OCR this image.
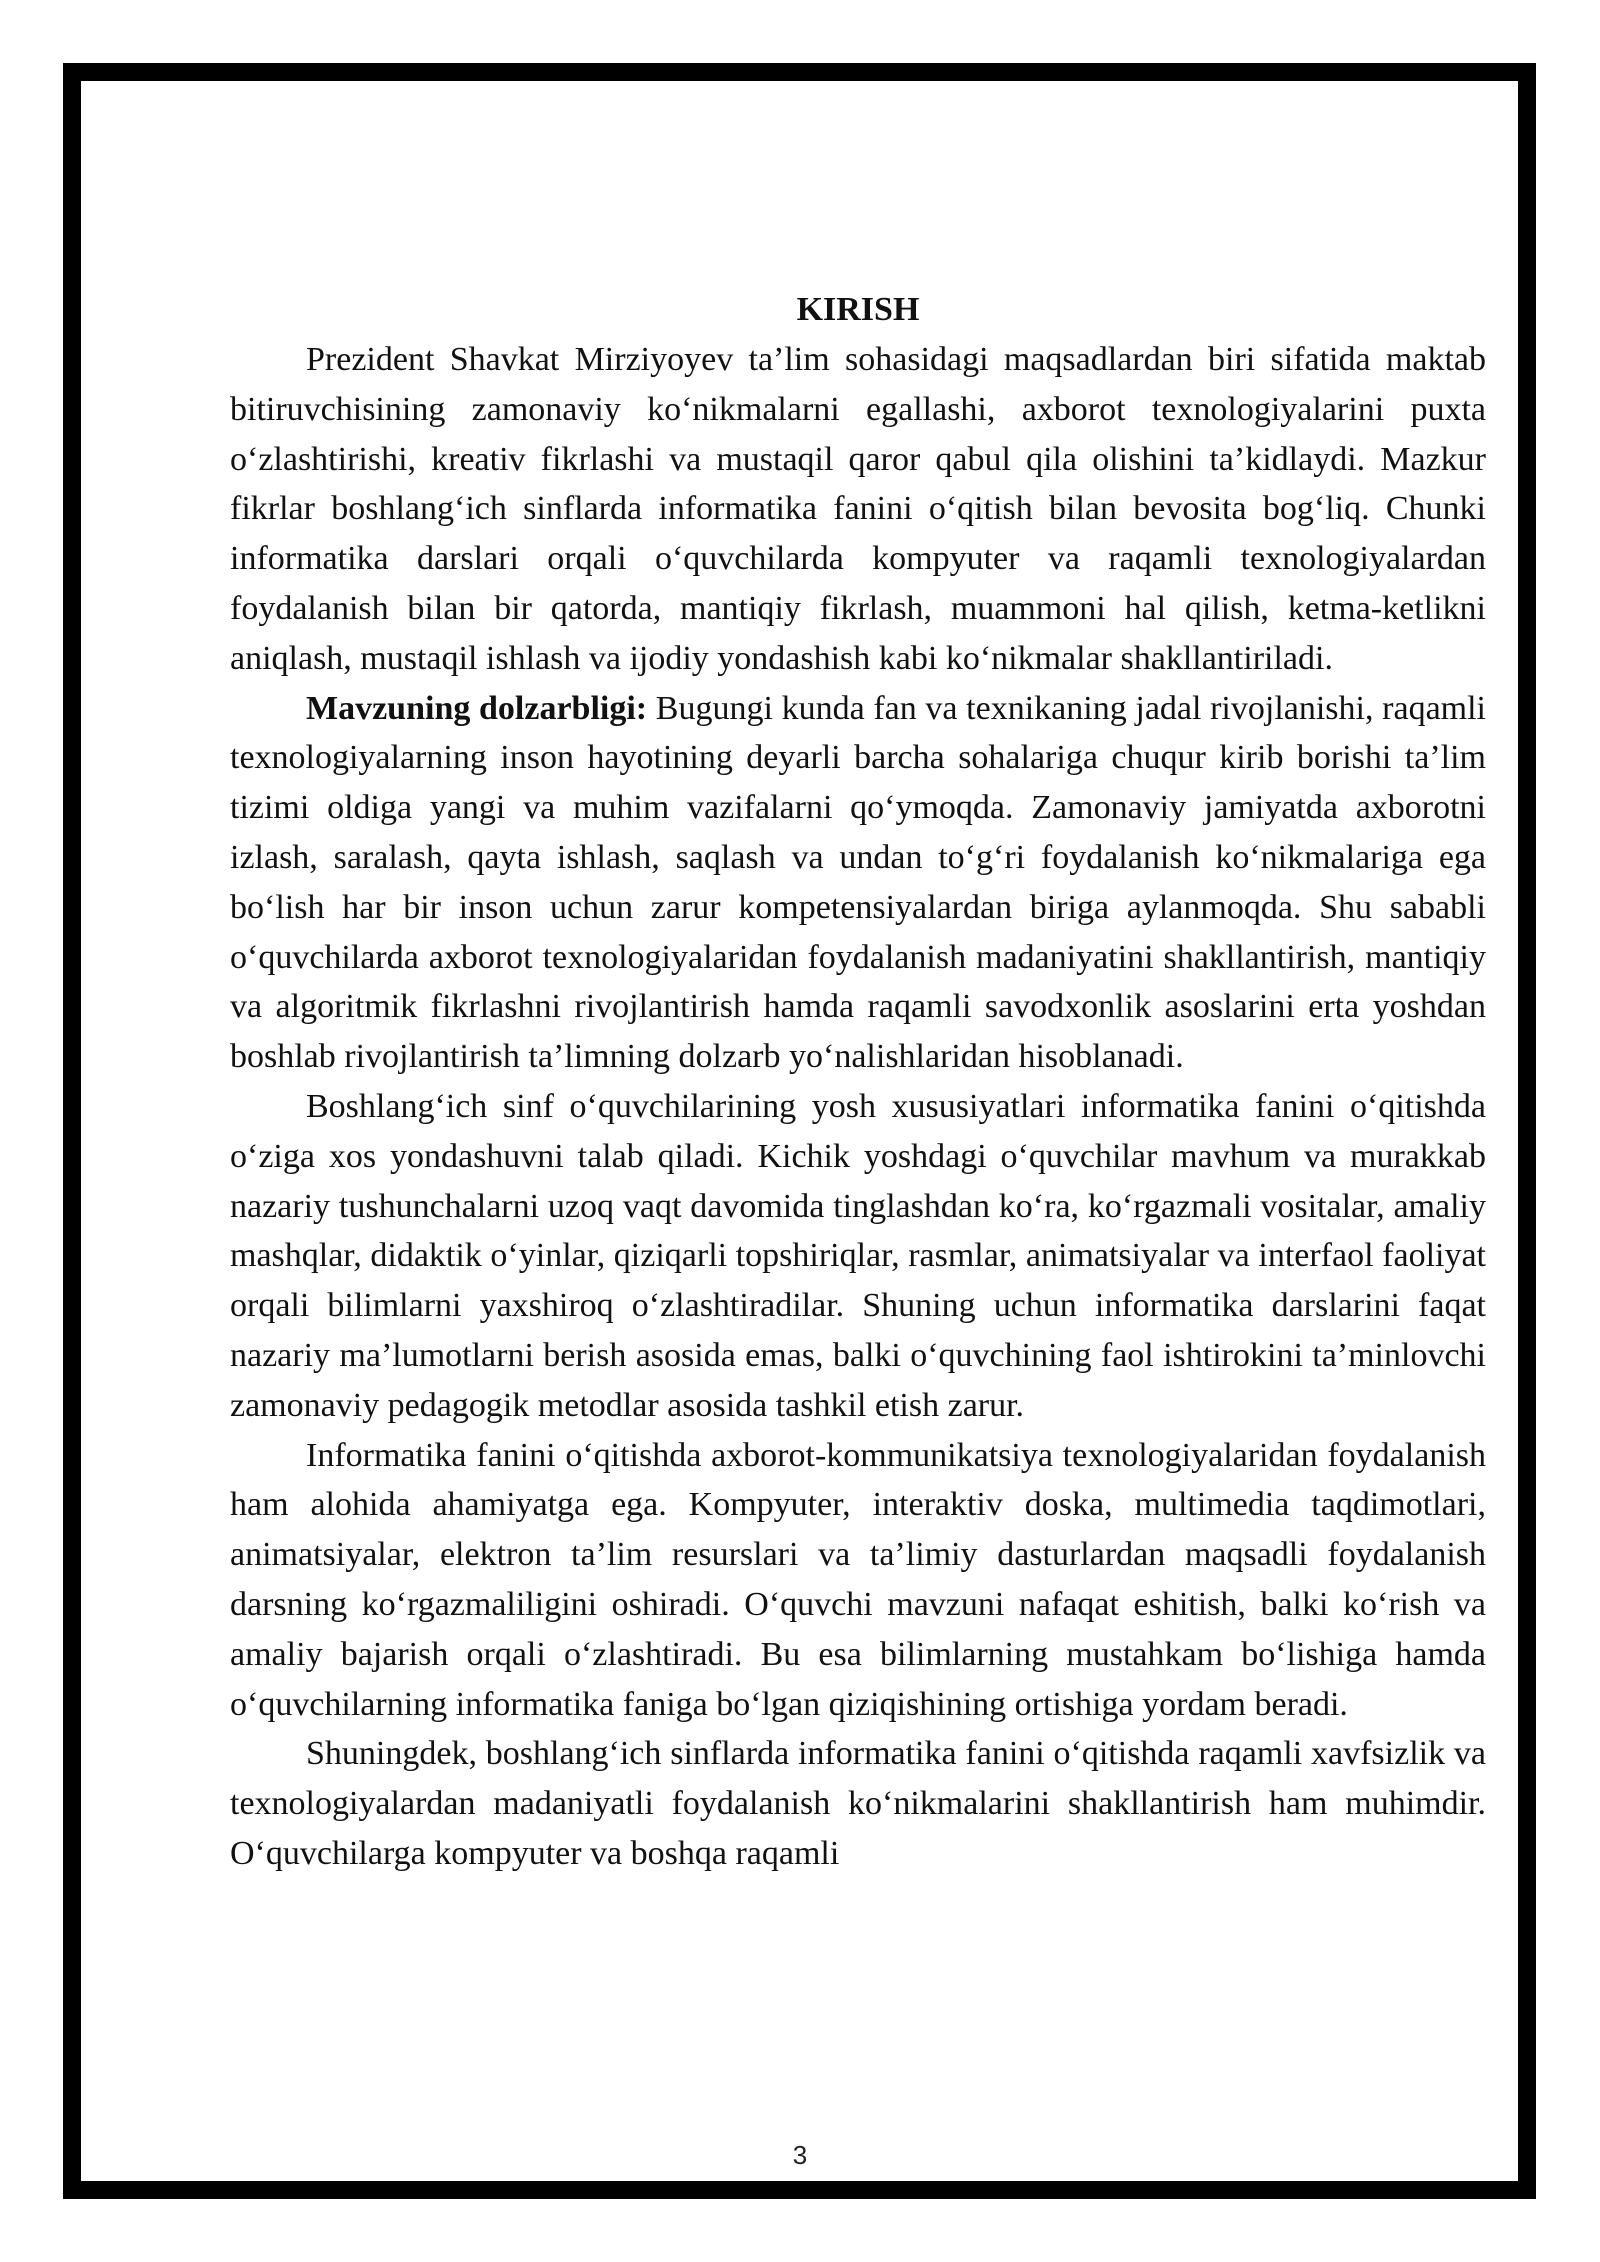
KIRISH

Prezident Shavkat Mirziyoyev ta’lim sohasidagi maqsadlardan biri sifatida maktab bitiruvchisining zamonaviy ko‘nikmalarni egallashi, axborot texnologiyalarini puxta o‘zlashtirishi, kreativ fikrlashi va mustaqil qaror qabul qila olishini ta’kidlaydi. Mazkur fikrlar boshlang‘ich sinflarda informatika fanini o‘qitish bilan bevosita bog‘liq. Chunki informatika darslari orqali o‘quvchilarda kompyuter va raqamli texnologiyalardan foydalanish bilan bir qatorda, mantiqiy fikrlash, muammoni hal qilish, ketma-ketlikni aniqlash, mustaqil ishlash va ijodiy yondashish kabi ko‘nikmalar shakllantiriladi.

Mavzuning dolzarbligi: Bugungi kunda fan va texnikaning jadal rivojlanishi, raqamli texnologiyalarning inson hayotining deyarli barcha sohalariga chuqur kirib borishi ta’lim tizimi oldiga yangi va muhim vazifalarni qo‘ymoqda. Zamonaviy jamiyatda axborotni izlash, saralash, qayta ishlash, saqlash va undan to‘g‘ri foydalanish ko‘nikmalariga ega bo‘lish har bir inson uchun zarur kompetensiyalardan biriga aylanmoqda. Shu sababli o‘quvchilarda axborot texnologiyalaridan foydalanish madaniyatini shakllantirish, mantiqiy va algoritmik fikrlashni rivojlantirish hamda raqamli savodxonlik asoslarini erta yoshdan boshlab rivojlantirish ta’limning dolzarb yo‘nalishlaridan hisoblanadi.

Boshlang‘ich sinf o‘quvchilarining yosh xususiyatlari informatika fanini o‘qitishda o‘ziga xos yondashuvni talab qiladi. Kichik yoshdagi o‘quvchilar mavhum va murakkab nazariy tushunchalarni uzoq vaqt davomida tinglashdan ko‘ra, ko‘rgazmali vositalar, amaliy mashqlar, didaktik o‘yinlar, qiziqarli topshiriqlar, rasmlar, animatsiyalar va interfaol faoliyat orqali bilimlarni yaxshiroq o‘zlashtiradilar. Shuning uchun informatika darslarini faqat nazariy ma’lumotlarni berish asosida emas, balki o‘quvchining faol ishtirokini ta’minlovchi zamonaviy pedagogik metodlar asosida tashkil etish zarur.

Informatika fanini o‘qitishda axborot-kommunikatsiya texnologiyalaridan foydalanish ham alohida ahamiyatga ega. Kompyuter, interaktiv doska, multimedia taqdimotlari, animatsiyalar, elektron ta’lim resurslari va ta’limiy dasturlardan maqsadli foydalanish darsning ko‘rgazmaliligini oshiradi. O‘quvchi mavzuni nafaqat eshitish, balki ko‘rish va amaliy bajarish orqali o‘zlashtiradi. Bu esa bilimlarning mustahkam bo‘lishiga hamda o‘quvchilarning informatika faniga bo‘lgan qiziqishining ortishiga yordam beradi.

Shuningdek, boshlang‘ich sinflarda informatika fanini o‘qitishda raqamli xavfsizlik va texnologiyalardan madaniyatli foydalanish ko‘nikmalarini shakllantirish ham muhimdir. O‘quvchilarga kompyuter va boshqa raqamli

3
